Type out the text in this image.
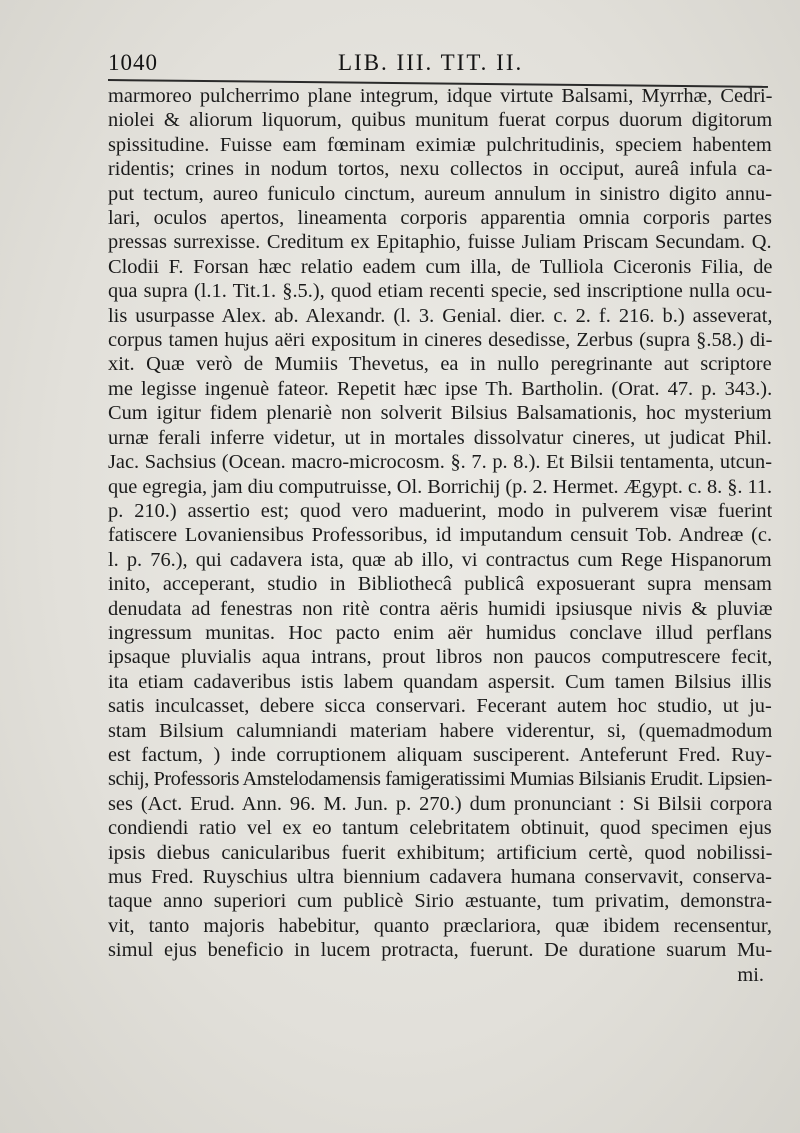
1040	LIB. III. TIT. II.
marmoreo pulcherrimo plane integrum, idque virtute Balsami, Myrrhæ, Cedri-
niolei & aliorum liquorum, quibus munitum fuerat corpus duorum digitorum
spissitudine. Fuisse eam fœminam eximiæ pulchritudinis, speciem habentem
ridentis; crines in nodum tortos, nexu collectos in occiput, aureâ infula ca-
put tectum, aureo funiculo cinctum, aureum annulum in sinistro digito annu-
lari, oculos apertos, lineamenta corporis apparentia omnia corporis partes
pressas surrexisse. Creditum ex Epitaphio, fuisse Juliam Priscam Secundam. Q.
Clodii F. Forsan hæc relatio eadem cum illa, de Tulliola Ciceronis Filia, de
qua supra (l.1. Tit.1. §.5.), quod etiam recenti specie, sed inscriptione nulla ocu-
lis usurpasse Alex. ab. Alexandr. (l. 3. Genial. dier. c. 2. f. 216. b.) asseverat,
corpus tamen hujus aëri expositum in cineres desedisse, Zerbus (supra §.58.) di-
xit. Quæ verò de Mumiis Thevetus, ea in nullo peregrinante aut scriptore
me legisse ingenuè fateor. Repetit hæc ipse Th. Bartholin. (Orat. 47. p. 343.).
Cum igitur fidem plenariè non solverit Bilsius Balsamationis, hoc mysterium
urnæ ferali inferre videtur, ut in mortales dissolvatur cineres, ut judicat Phil.
Jac. Sachsius (Ocean. macro-microcosm. §. 7. p. 8.). Et Bilsii tentamenta, utcun-
que egregia, jam diu computruisse, Ol. Borrichij (p. 2. Hermet. Ægypt. c. 8. §. 11.
p. 210.) assertio est; quod vero maduerint, modo in pulverem visæ fuerint
fatiscere Lovaniensibus Professoribus, id imputandum censuit Tob. Andreæ (c.
l. p. 76.), qui cadavera ista, quæ ab illo, vi contractus cum Rege Hispanorum
inito, acceperant, studio in Bibliothecâ publicâ exposuerant supra mensam
denudata ad fenestras non ritè contra aëris humidi ipsiusque nivis & pluviæ
ingressum munitas. Hoc pacto enim aër humidus conclave illud perflans
ipsaque pluvialis aqua intrans, prout libros non paucos computrescere fecit,
ita etiam cadaveribus istis labem quandam aspersit. Cum tamen Bilsius illis
satis inculcasset, debere sicca conservari. Fecerant autem hoc studio, ut ju-
stam Bilsium calumniandi materiam habere viderentur, si, (quemadmodum
est factum, ) inde corruptionem aliquam susciperent. Anteferunt Fred. Ruy-
schij, Professoris Amstelodamensis famigeratissimi Mumias Bilsianis Erudit. Lipsien-
ses (Act. Erud. Ann. 96. M. Jun. p. 270.) dum pronunciant : Si Bilsii corpora
condiendi ratio vel ex eo tantum celebritatem obtinuit, quod specimen ejus
ipsis diebus canicularibus fuerit exhibitum; artificium certè, quod nobilissi-
mus Fred. Ruyschius ultra biennium cadavera humana conservavit, conserva-
taque anno superiori cum publicè Sirio æstuante, tum privatim, demonstra-
vit, tanto majoris habebitur, quanto præclariora, quæ ibidem recensentur,
simul ejus beneficio in lucem protracta, fuerunt. De duratione suarum Mu-
mi.
